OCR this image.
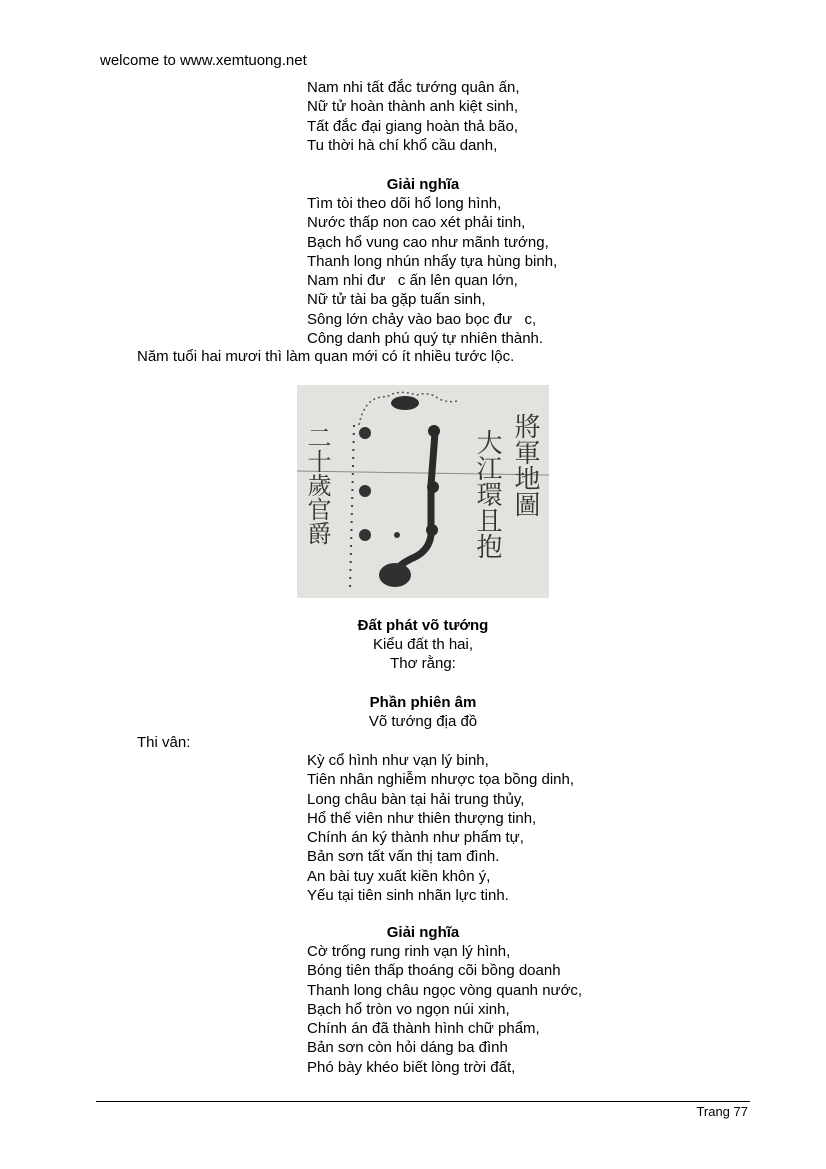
welcome to www.xemtuong.net
Nam nhi tất đắc tướng quân ấn,
Nữ tử hoàn thành anh kiệt sinh,
Tất đắc đại giang hoàn thả bão,
Tu thời hà chí khổ cầu danh,
Giải nghĩa
Tìm tòi theo dõi hổ long hình,
Nước thấp non cao xét phải tinh,
Bạch hổ vung cao như mãnh tướng,
Thanh long nhún nhẩy tựa hùng binh,
Nam nhi đư   c ấn lên quan lớn,
Nữ tử tài ba gặp tuấn sinh,
Sông lớn chảy vào bao bọc đư   c,
Công danh phú quý tự nhiên thành.
Năm tuổi hai mươi thì làm quan mới có ít nhiều tước lộc.
將軍地圖
大江環且抱
二十歲官爵
Đất phát võ tướng
Kiểu đất th hai,
Thơ rằng:
Phần phiên âm
Võ tướng địa đồ
Thi vân:
Kỳ cổ hình như vạn lý binh,
Tiên nhân nghiễm nhược tọa bồng dinh,
Long châu bàn tại hải trung thủy,
Hổ thế viên như thiên thượng tinh,
Chính án ký thành như phẩm tự,
Bản sơn tất vấn thị tam đình.
An bài tuy xuất kiền khôn ý,
Yếu tại tiên sinh nhãn lực tinh.
Giải nghĩa
Cờ trống rung rinh vạn lý hình,
Bóng tiên thấp thoáng cõi bồng doanh
Thanh long châu ngọc vòng quanh nước,
Bạch hổ tròn vo ngọn núi xinh,
Chính án đã thành hình chữ phẩm,
Bản sơn còn hỏi dáng ba đình
Phó bày khéo biết lòng trời đất,
Trang 77
